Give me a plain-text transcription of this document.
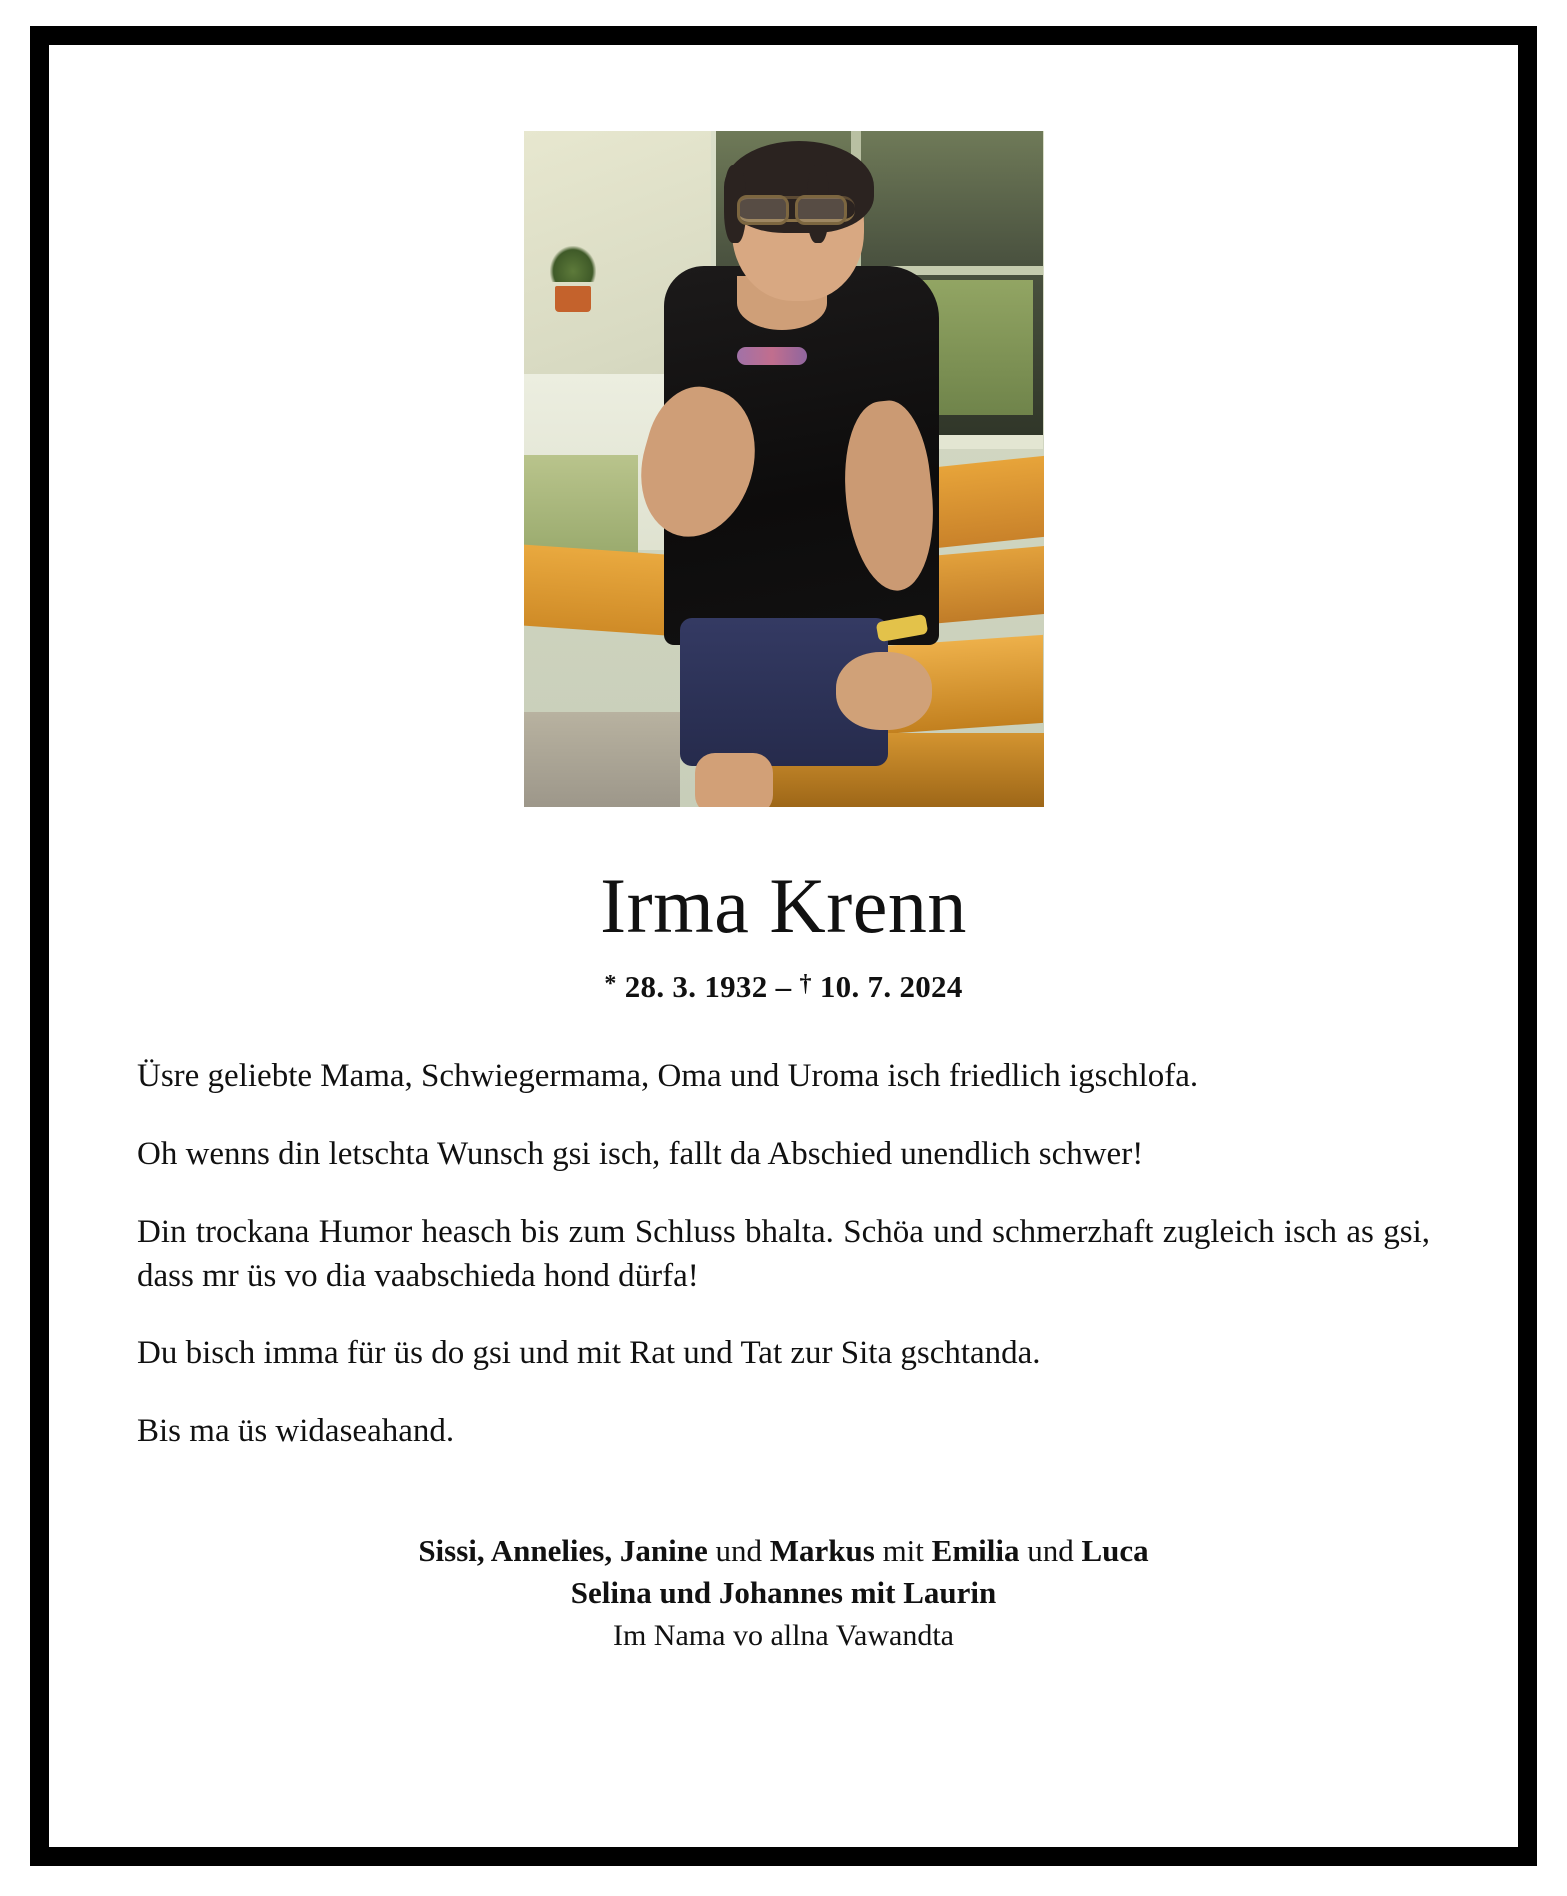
Irma Krenn
* 28. 3. 1932 – † 10. 7. 2024

Üsre geliebte Mama, Schwiegermama, Oma und Uroma isch friedlich igschlofa.

Oh wenns din letschta Wunsch gsi isch, fallt da Abschied unendlich schwer!

Din trockana Humor heasch bis zum Schluss bhalta. Schöa und schmerzhaft zugleich isch as gsi, dass mr üs vo dia vaabschieda hond dürfa!

Du bisch imma für üs do gsi und mit Rat und Tat zur Sita gschtanda.

Bis ma üs widaseahand.

Sissi, Annelies, Janine und Markus mit Emilia und Luca
Selina und Johannes mit Laurin
Im Nama vo allna Vawandta
